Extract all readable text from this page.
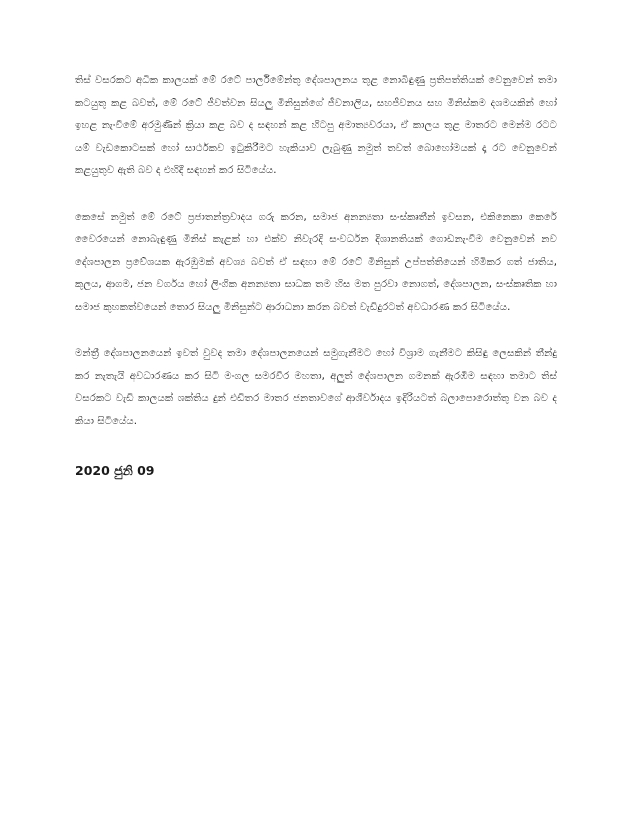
තිස් වසරකට අධික කාලයක් මේ රටේ පාර්ලිමේන්තු දේශපාලනය තුළ නොබිඳුණු ප්‍රතිපත්තියක් වෙනුවෙන් තමා කටයුතු කළ බවත්, මේ රටේ ජීවත්වන සියලු මිනිසුන්ගේ ජීවනාලිය, සහජීවනය සහ මිනිස්කම දශමයකින් හෝ ඉහළ නැංවීමේ අරමුණින් ක්‍රියා කළ බව ද සඳහන් කළ හිටපු අමාත්‍යවරයා, ඒ කාලය තුළ මාතරට මෙන්ම රටට යම් වැඩකොටසක් හෝ සාර්ථකව ඉටුකිරීමට හැකියාව ලැබුණු නමුත් තවත් බොහෝමයක් දෑ රට වෙනුවෙන් කළයුතුව ඇති බව ද එහිදී සඳහන් කර සිටියේය.

කෙසේ නමුත් මේ රටේ ප්‍රජාතන්ත්‍රවාදය ගරු කරන, සමාජ අනන්‍යතා සංස්කෘතීන් ඉවසන, එකිනෙකා කෙරේ වෛරයෙන් නොබැඳුණු මිනිස් කැළක් හා එක්ව නිවැරදි සංවර්ධන දිශානතියක් ගොඩනැංවීම වෙනුවෙන් නව දේශපාලන ප්‍රවේශයක ඇරඹුමක් අවශ්‍ය බවත් ඒ සඳහා මේ රටේ මිනිසුන් උප්පත්තියෙන් හිමිකර ගත් ජාතිය, කුලය, ආගම, ජන වර්ගය හෝ ලිංගික අනන්‍යතා සාධක තම හිස මත පුරවා නොගත්, දේශපාලන, සංස්කෘතික හා සමාජ කුහකත්වයෙන් තොර සියලු මිනිසුන්ට ආරාධනා කරන බවත් වැඩිදුරටත් අවධාරණ කර සිටියේය.

මන්ත්‍රී දේශපාලනයෙන් ඉවත් වුවද තමා දේශපාලනයෙන් සමුගැනීමට හෝ විශ්‍රාම ගැනීමට කිසිඳු ලෙසකින් තීන්දු කර නැතැයි අවධාරණය කර සිටි මංගල සමරවීර මහතා, අලුත් දේශපාලන ගමනක් ඇරඹීම සඳහා තමාට තිස් වසරකට වැඩි කාලයක් ශක්තිය දුන් එඩිතර මාතර ජනතාවගේ ආශීර්වාදය ඉදිරියටත් බලාපොරොත්තු වන බව ද කියා සිටියේය.

2020 ජුනි 09
